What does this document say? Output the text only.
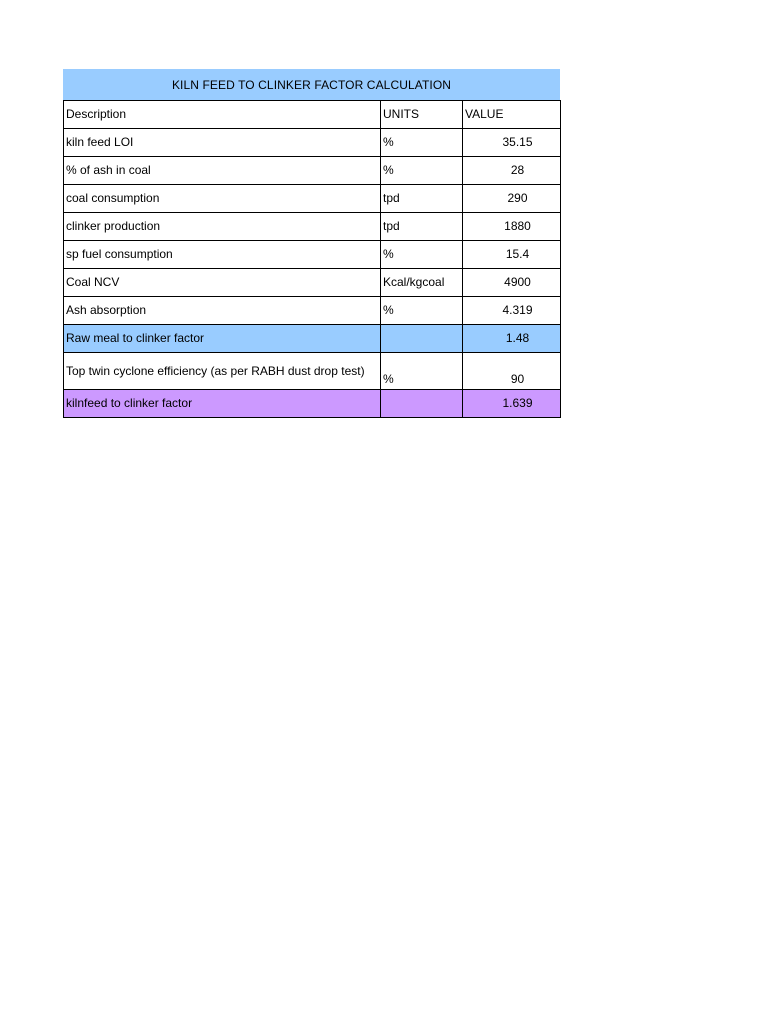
KILN FEED TO CLINKER FACTOR CALCULATION
Description	UNITS	VALUE
kiln feed LOI	%	35.15
% of ash in coal	%	28
coal consumption	tpd	290
clinker production	tpd	1880
sp fuel consumption	%	15.4
Coal NCV	Kcal/kgcoal	4900
Ash absorption	%	4.319
Raw meal to clinker factor		1.48
Top twin cyclone efficiency (as per RABH dust drop test)	%	90
kilnfeed to clinker factor		1.639
